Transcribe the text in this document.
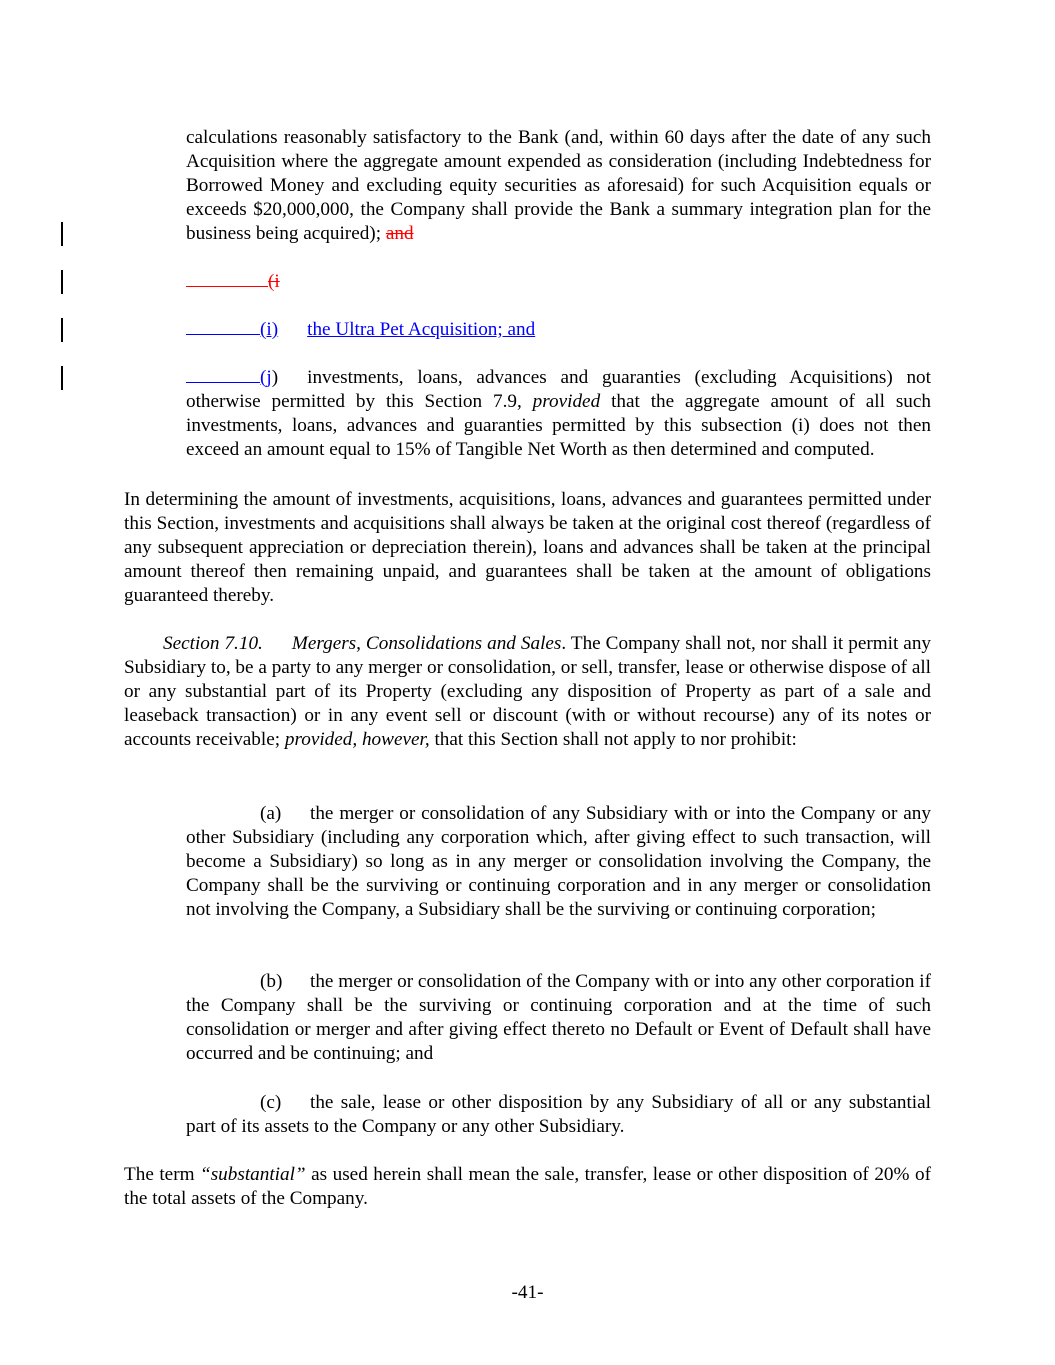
calculations reasonably satisfactory to the Bank (and, within 60 days after the date of any such Acquisition where the aggregate amount expended as consideration (including Indebtedness for Borrowed Money and excluding equity securities as aforesaid) for such Acquisition equals or exceeds $20,000,000, the Company shall provide the Bank a summary integration plan for the business being acquired); and

(i

(i) the Ultra Pet Acquisition; and

(j) investments, loans, advances and guaranties (excluding Acquisitions) not otherwise permitted by this Section 7.9, provided that the aggregate amount of all such investments, loans, advances and guaranties permitted by this subsection (i) does not then exceed an amount equal to 15% of Tangible Net Worth as then determined and computed.

In determining the amount of investments, acquisitions, loans, advances and guarantees permitted under this Section, investments and acquisitions shall always be taken at the original cost thereof (regardless of any subsequent appreciation or depreciation therein), loans and advances shall be taken at the principal amount thereof then remaining unpaid, and guarantees shall be taken at the amount of obligations guaranteed thereby.

Section 7.10. Mergers, Consolidations and Sales. The Company shall not, nor shall it permit any Subsidiary to, be a party to any merger or consolidation, or sell, transfer, lease or otherwise dispose of all or any substantial part of its Property (excluding any disposition of Property as part of a sale and leaseback transaction) or in any event sell or discount (with or without recourse) any of its notes or accounts receivable; provided, however, that this Section shall not apply to nor prohibit:

(a) the merger or consolidation of any Subsidiary with or into the Company or any other Subsidiary (including any corporation which, after giving effect to such transaction, will become a Subsidiary) so long as in any merger or consolidation involving the Company, the Company shall be the surviving or continuing corporation and in any merger or consolidation not involving the Company, a Subsidiary shall be the surviving or continuing corporation;

(b) the merger or consolidation of the Company with or into any other corporation if the Company shall be the surviving or continuing corporation and at the time of such consolidation or merger and after giving effect thereto no Default or Event of Default shall have occurred and be continuing; and

(c) the sale, lease or other disposition by any Subsidiary of all or any substantial part of its assets to the Company or any other Subsidiary.

The term “substantial” as used herein shall mean the sale, transfer, lease or other disposition of 20% of the total assets of the Company.

-41-
